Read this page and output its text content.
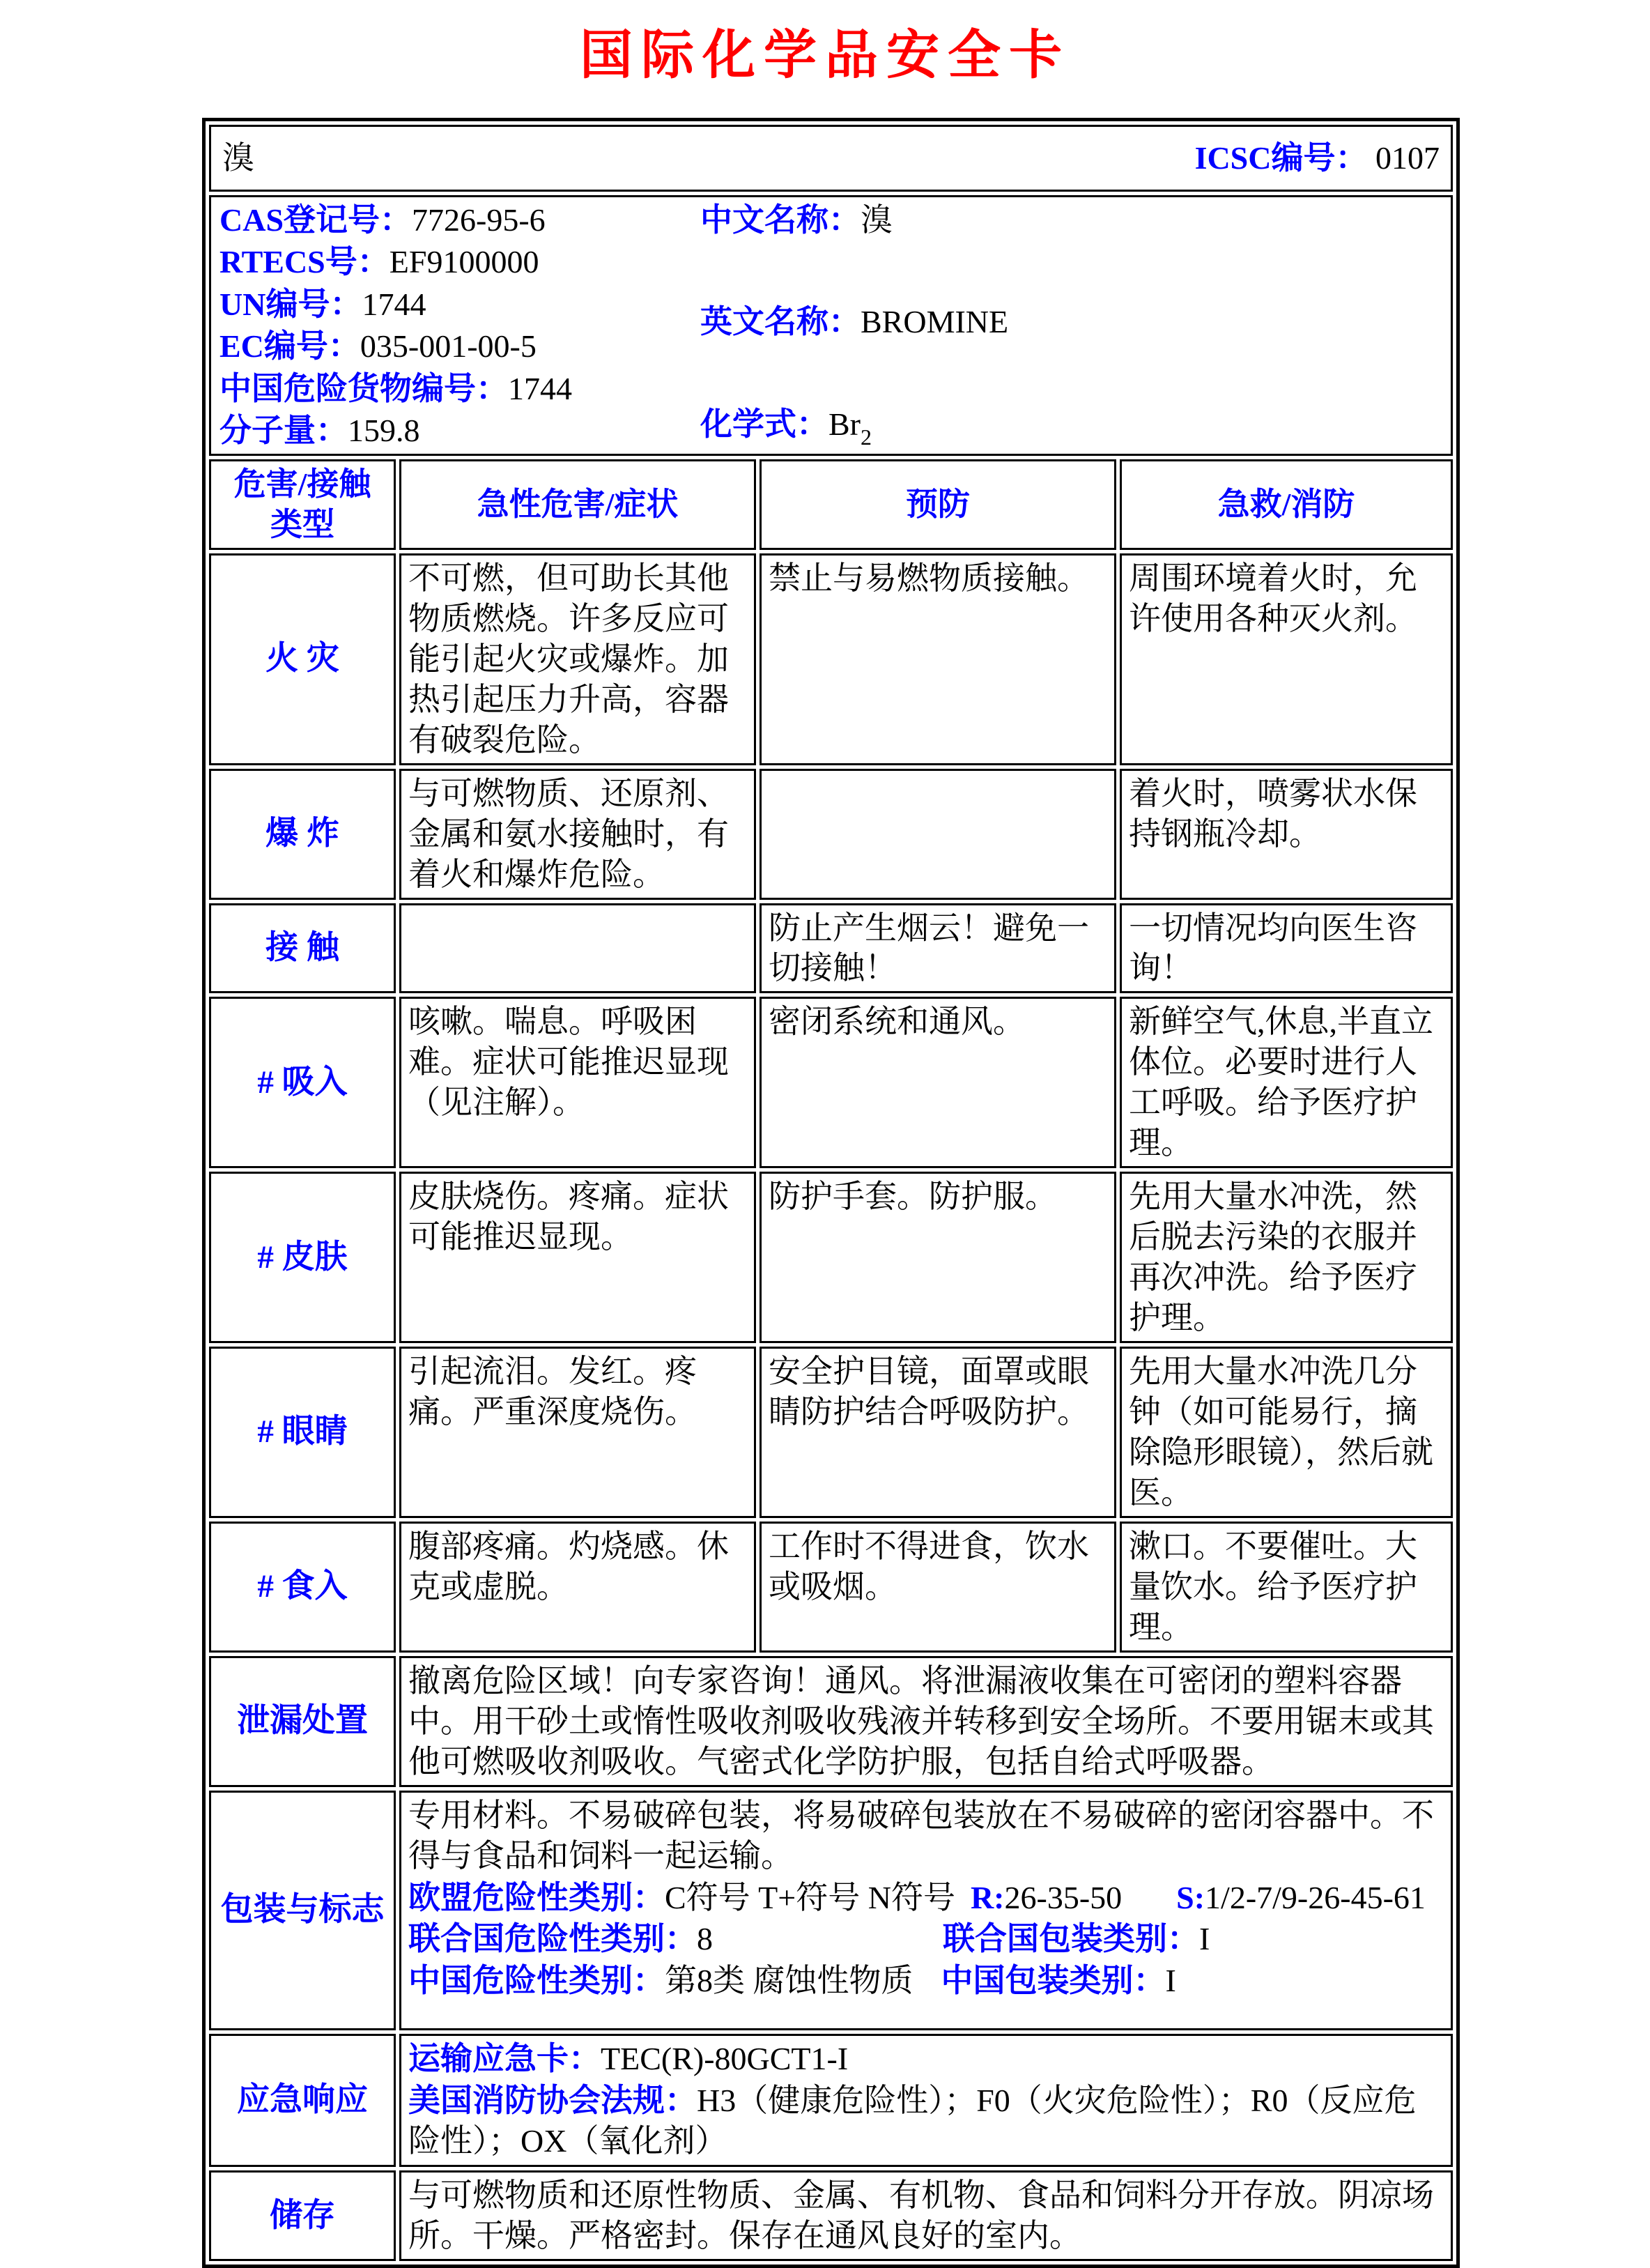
国际化学品安全卡
溴 ICSC编号： 0107			

CAS登记号：7726-95-6
RTECS号：EF9100000
UN编号：1744
EC编号：035-001-00-5
中国危险货物编号：1744
分子量：159.8
中文名称：溴
英文名称：BROMINE
化学式：$Br_2$

危害/接触 类型	急性危害/症状	预防	急救/消防
火 灾	不可燃，但可助长其他物质燃烧。许多反应可能引起火灾或爆炸。加热引起压力升高，容器有破裂危险。	禁止与易燃物质接触。	周围环境着火时，允许使用各种灭火剂。
爆 炸	与可燃物质、还原剂、金属和氨水接触时，有着火和爆炸危险。		着火时，喷雾状水保持钢瓶冷却。
接 触		防止产生烟云！避免一切接触！	一切情况均向医生咨询！
# 吸入	咳嗽。喘息。呼吸困难。症状可能推迟显现（见注解）。	密闭系统和通风。	新鲜空气,休息,半直立体位。必要时进行人工呼吸。给予医疗护理。
# 皮肤	皮肤烧伤。疼痛。症状可能推迟显现。	防护手套。防护服。	先用大量水冲洗，然后脱去污染的衣服并再次冲洗。给予医疗护理。
# 眼睛	引起流泪。发红。疼痛。严重深度烧伤。	安全护目镜，面罩或眼睛防护结合呼吸防护。	先用大量水冲洗几分钟（如可能易行，摘除隐形眼镜），然后就医。
# 食入	腹部疼痛。灼烧感。休克或虚脱。	工作时不得进食，饮水或吸烟。	漱口。不要催吐。大量饮水。给予医疗护理。
泄漏处置	撤离危险区域！向专家咨询！通风。将泄漏液收集在可密闭的塑料容器中。用干砂土或惰性吸收剂吸收残液并转移到安全场所。不要用锯末或其他可燃吸收剂吸收。气密式化学防护服，包括自给式呼吸器。		
包装与标志	专用材料。不易破碎包装，将易破碎包装放在不易破碎的密闭容器中。不得与食品和饲料一起运输。
欧盟危险性类别：C符号 T+符号 N符号 R:26-35-50 S:1/2-7/9-26-45-61
联合国危险性类别：8 联合国包装类别：I
中国危险性类别：第8类 腐蚀性物质 中国包装类别：I		

应急响应	运输应急卡：TEC(R)-80GCT1-I
美国消防协会法规：H3（健康危险性）；F0（火灾危险性）；R0（反应危险性）；OX（氧化剂）		

储存	与可燃物质和还原性物质、金属、有机物、食品和饲料分开存放。阴凉场所。干燥。严格密封。保存在通风良好的室内。		
